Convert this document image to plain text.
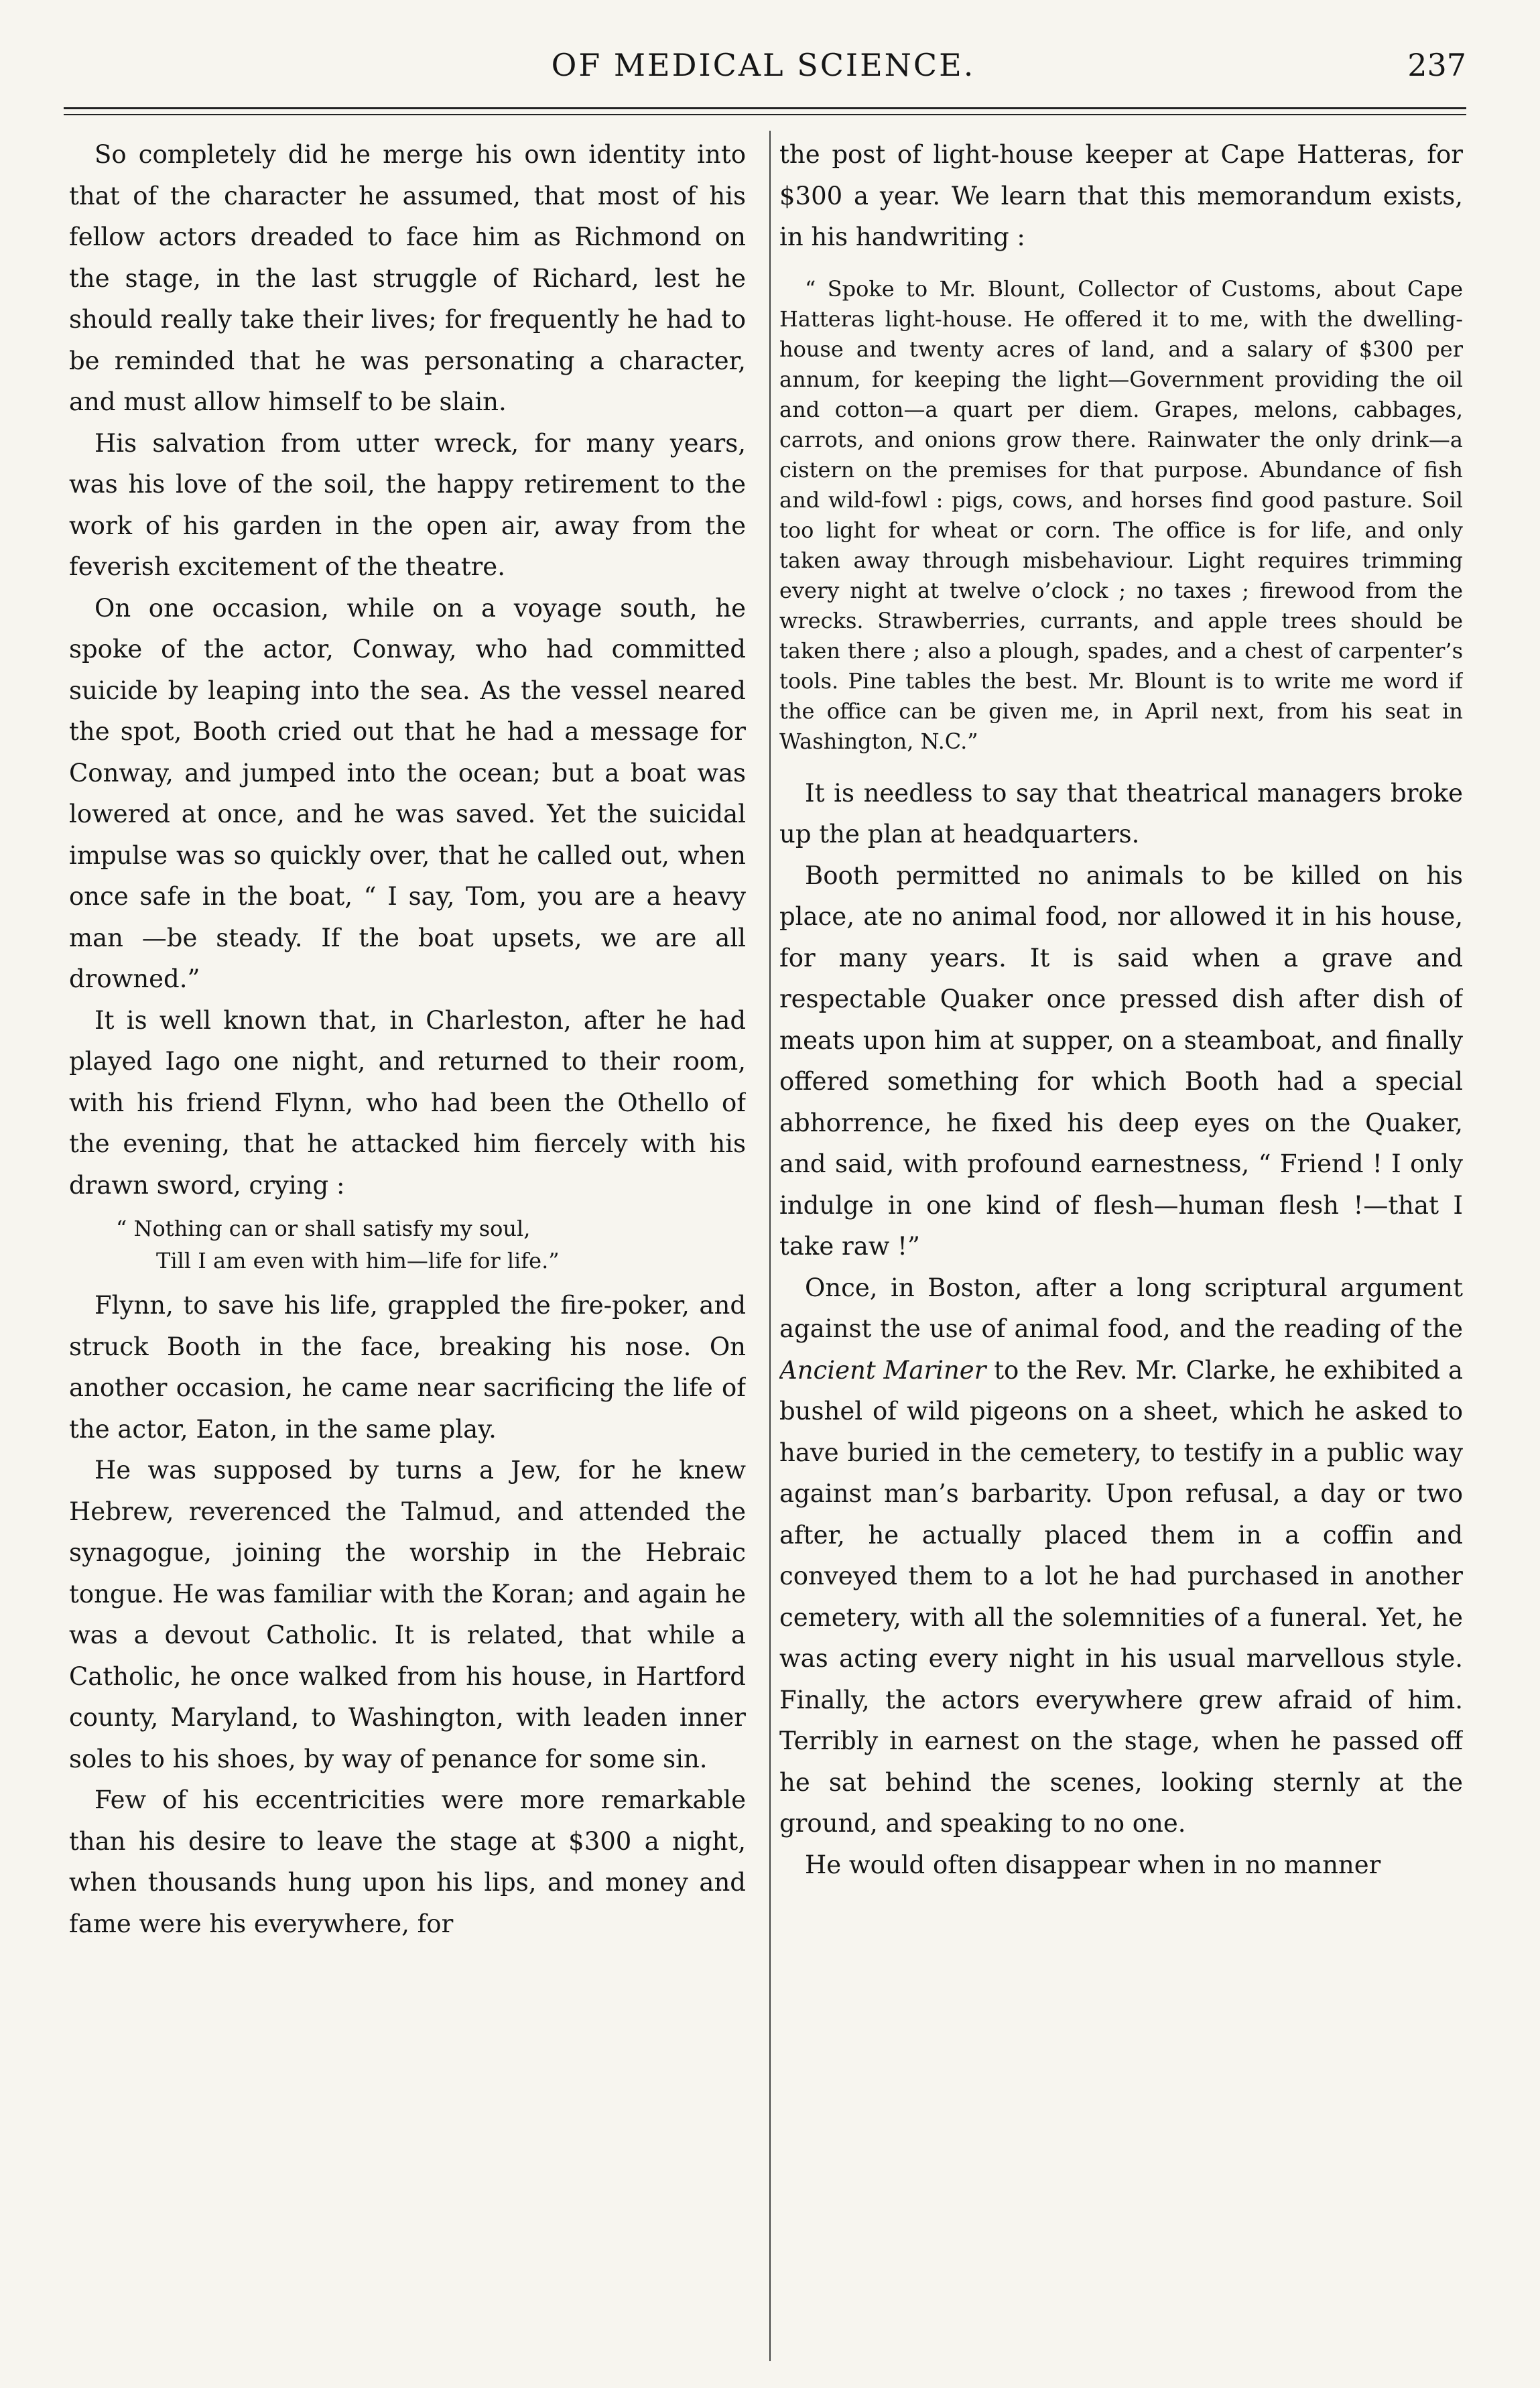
OF MEDICAL SCIENCE.	237

So completely did he merge his own identity into that of the character he assumed, that most of his fellow actors dreaded to face him as Richmond on the stage, in the last struggle of Richard, lest he should really take their lives; for frequently he had to be reminded that he was personating a character, and must allow himself to be slain.

His salvation from utter wreck, for many years, was his love of the soil, the happy retirement to the work of his garden in the open air, away from the feverish excitement of the theatre.

On one occasion, while on a voyage south, he spoke of the actor, Conway, who had committed suicide by leaping into the sea. As the vessel neared the spot, Booth cried out that he had a message for Conway, and jumped into the ocean; but a boat was lowered at once, and he was saved. Yet the suicidal impulse was so quickly over, that he called out, when once safe in the boat, “ I say, Tom, you are a heavy man —be steady. If the boat upsets, we are all drowned.”

It is well known that, in Charleston, after he had played Iago one night, and returned to their room, with his friend Flynn, who had been the Othello of the evening, that he attacked him fiercely with his drawn sword, crying :

“ Nothing can or shall satisfy my soul,
Till I am even with him—life for life.”

Flynn, to save his life, grappled the fire-poker, and struck Booth in the face, breaking his nose. On another occasion, he came near sacrificing the life of the actor, Eaton, in the same play.

He was supposed by turns a Jew, for he knew Hebrew, reverenced the Talmud, and attended the synagogue, joining the worship in the Hebraic tongue. He was familiar with the Koran; and again he was a devout Catholic. It is related, that while a Catholic, he once walked from his house, in Hartford county, Maryland, to Washington, with leaden inner soles to his shoes, by way of penance for some sin.

Few of his eccentricities were more remarkable than his desire to leave the stage at $300 a night, when thousands hung upon his lips, and money and fame were his everywhere, for

the post of light-house keeper at Cape Hatteras, for $300 a year. We learn that this memorandum exists, in his handwriting :

“ Spoke to Mr. Blount, Collector of Customs, about Cape Hatteras light-house. He offered it to me, with the dwelling-house and twenty acres of land, and a salary of $300 per annum, for keeping the light—Government providing the oil and cotton—a quart per diem. Grapes, melons, cabbages, carrots, and onions grow there. Rainwater the only drink—a cistern on the premises for that purpose. Abundance of fish and wild-fowl : pigs, cows, and horses find good pasture. Soil too light for wheat or corn. The office is for life, and only taken away through misbehaviour. Light requires trimming every night at twelve o’clock ; no taxes ; firewood from the wrecks. Strawberries, currants, and apple trees should be taken there ; also a plough, spades, and a chest of carpenter’s tools. Pine tables the best. Mr. Blount is to write me word if the office can be given me, in April next, from his seat in Washington, N.C.”

It is needless to say that theatrical managers broke up the plan at headquarters.

Booth permitted no animals to be killed on his place, ate no animal food, nor allowed it in his house, for many years. It is said when a grave and respectable Quaker once pressed dish after dish of meats upon him at supper, on a steamboat, and finally offered something for which Booth had a special abhorrence, he fixed his deep eyes on the Quaker, and said, with profound earnestness, “ Friend ! I only indulge in one kind of flesh—human flesh !—that I take raw !”

Once, in Boston, after a long scriptural argument against the use of animal food, and the reading of the Ancient Mariner to the Rev. Mr. Clarke, he exhibited a bushel of wild pigeons on a sheet, which he asked to have buried in the cemetery, to testify in a public way against man’s barbarity. Upon refusal, a day or two after, he actually placed them in a coffin and conveyed them to a lot he had purchased in another cemetery, with all the solemnities of a funeral. Yet, he was acting every night in his usual marvellous style. Finally, the actors everywhere grew afraid of him. Terribly in earnest on the stage, when he passed off he sat behind the scenes, looking sternly at the ground, and speaking to no one.

He would often disappear when in no manner
